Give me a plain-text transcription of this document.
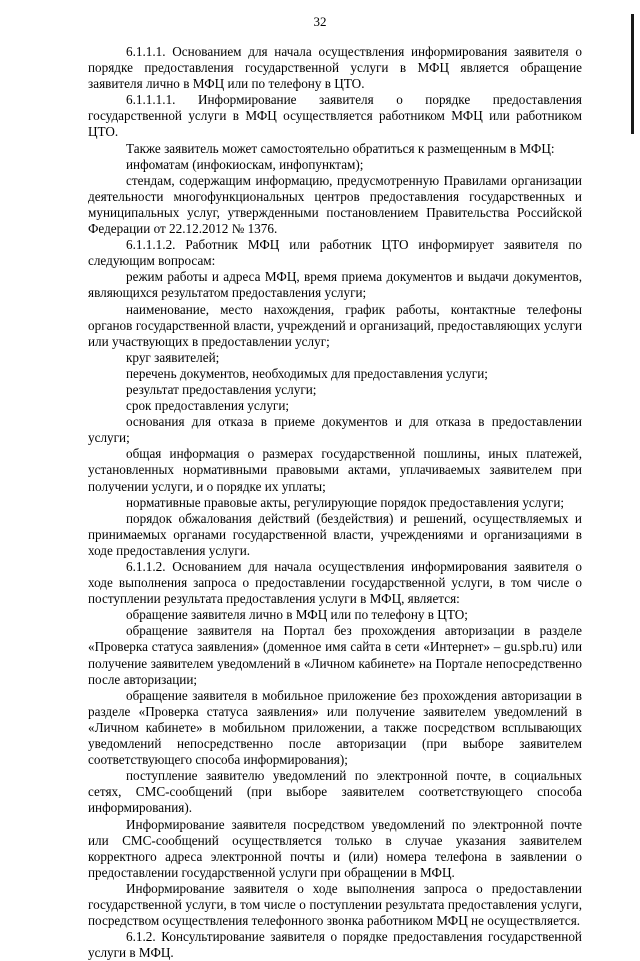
32

6.1.1.1. Основанием для начала осуществления информирования заявителя о порядке предоставления государственной услуги в МФЦ является обращение заявителя лично в МФЦ или по телефону в ЦТО.

6.1.1.1.1. Информирование заявителя о порядке предоставления государственной услуги в МФЦ осуществляется работником МФЦ или работником ЦТО.

Также заявитель может самостоятельно обратиться к размещенным в МФЦ:

инфоматам (инфокиоскам, инфопунктам);

стендам, содержащим информацию, предусмотренную Правилами организации деятельности многофункциональных центров предоставления государственных и муниципальных услуг, утвержденными постановлением Правительства Российской Федерации от 22.12.2012 № 1376.

6.1.1.1.2. Работник МФЦ или работник ЦТО информирует заявителя по следующим вопросам:

режим работы и адреса МФЦ, время приема документов и выдачи документов, являющихся результатом предоставления услуги;

наименование, место нахождения, график работы, контактные телефоны органов государственной власти, учреждений и организаций, предоставляющих услуги или участвующих в предоставлении услуг;

круг заявителей;

перечень документов, необходимых для предоставления услуги;

результат предоставления услуги;

срок предоставления услуги;

основания для отказа в приеме документов и для отказа в предоставлении услуги;

общая информация о размерах государственной пошлины, иных платежей, установленных нормативными правовыми актами, уплачиваемых заявителем при получении услуги, и о порядке их уплаты;

нормативные правовые акты, регулирующие порядок предоставления услуги;

порядок обжалования действий (бездействия) и решений, осуществляемых и принимаемых органами государственной власти, учреждениями и организациями в ходе предоставления услуги.

6.1.1.2. Основанием для начала осуществления информирования заявителя о ходе выполнения запроса о предоставлении государственной услуги, в том числе о поступлении результата предоставления услуги в МФЦ, является:

обращение заявителя лично в МФЦ или по телефону в ЦТО;

обращение заявителя на Портал без прохождения авторизации в разделе «Проверка статуса заявления» (доменное имя сайта в сети «Интернет» – gu.spb.ru) или получение заявителем уведомлений в «Личном кабинете» на Портале непосредственно после авторизации;

обращение заявителя в мобильное приложение без прохождения авторизации в разделе «Проверка статуса заявления» или получение заявителем уведомлений в «Личном кабинете» в мобильном приложении, а также посредством всплывающих уведомлений непосредственно после авторизации (при выборе заявителем соответствующего способа информирования);

поступление заявителю уведомлений по электронной почте, в социальных сетях, СМС-сообщений (при выборе заявителем соответствующего способа информирования).

Информирование заявителя посредством уведомлений по электронной почте или СМС-сообщений осуществляется только в случае указания заявителем корректного адреса электронной почты и (или) номера телефона в заявлении о предоставлении государственной услуги при обращении в МФЦ.

Информирование заявителя о ходе выполнения запроса о предоставлении государственной услуги, в том числе о поступлении результата предоставления услуги, посредством осуществления телефонного звонка работником МФЦ не осуществляется.

6.1.2. Консультирование заявителя о порядке предоставления государственной услуги в МФЦ.
